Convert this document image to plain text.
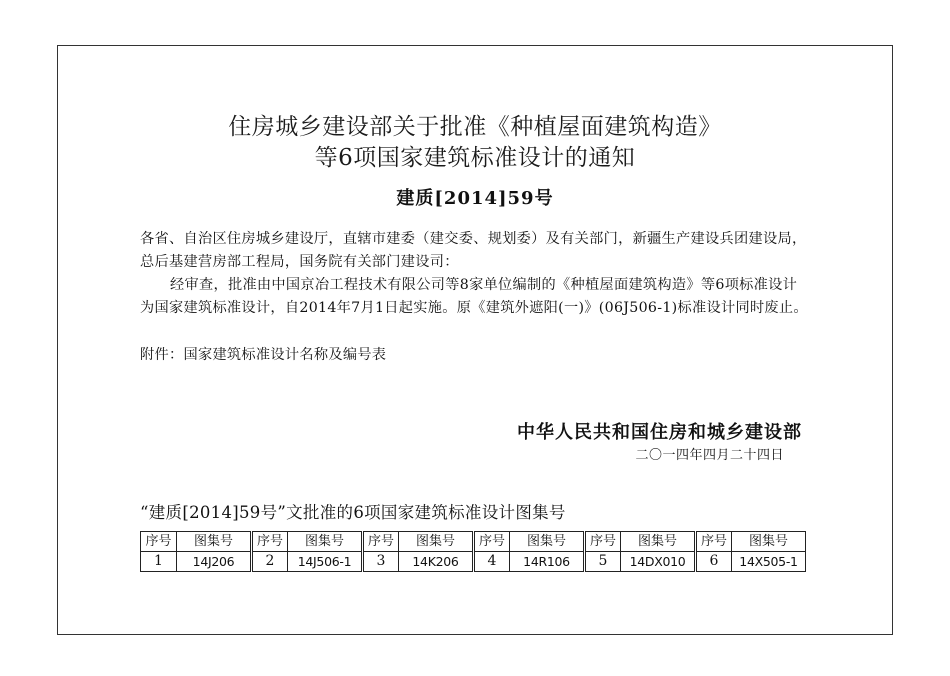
住房城乡建设部关于批准《种植屋面建筑构造》
等6项国家建筑标准设计的通知
建质[2014]59号
各省、自治区住房城乡建设厅，直辖市建委（建交委、规划委）及有关部门，新疆生产建设兵团建设局，总后基建营房部工程局，国务院有关部门建设司：
经审查，批准由中国京冶工程技术有限公司等8家单位编制的《种植屋面建筑构造》等6项标准设计为国家建筑标准设计，自2014年7月1日起实施。原《建筑外遮阳(一)》(06J506-1)标准设计同时废止。
附件：国家建筑标准设计名称及编号表
中华人民共和国住房和城乡建设部
二〇一四年四月二十四日
“建质[2014]59号”文批准的6项国家建筑标准设计图集号
序号	图集号	序号	图集号	序号	图集号	序号	图集号	序号	图集号	序号	图集号
1	14J206	2	14J506-1	3	14K206	4	14R106	5	14DX010	6	14X505-1
